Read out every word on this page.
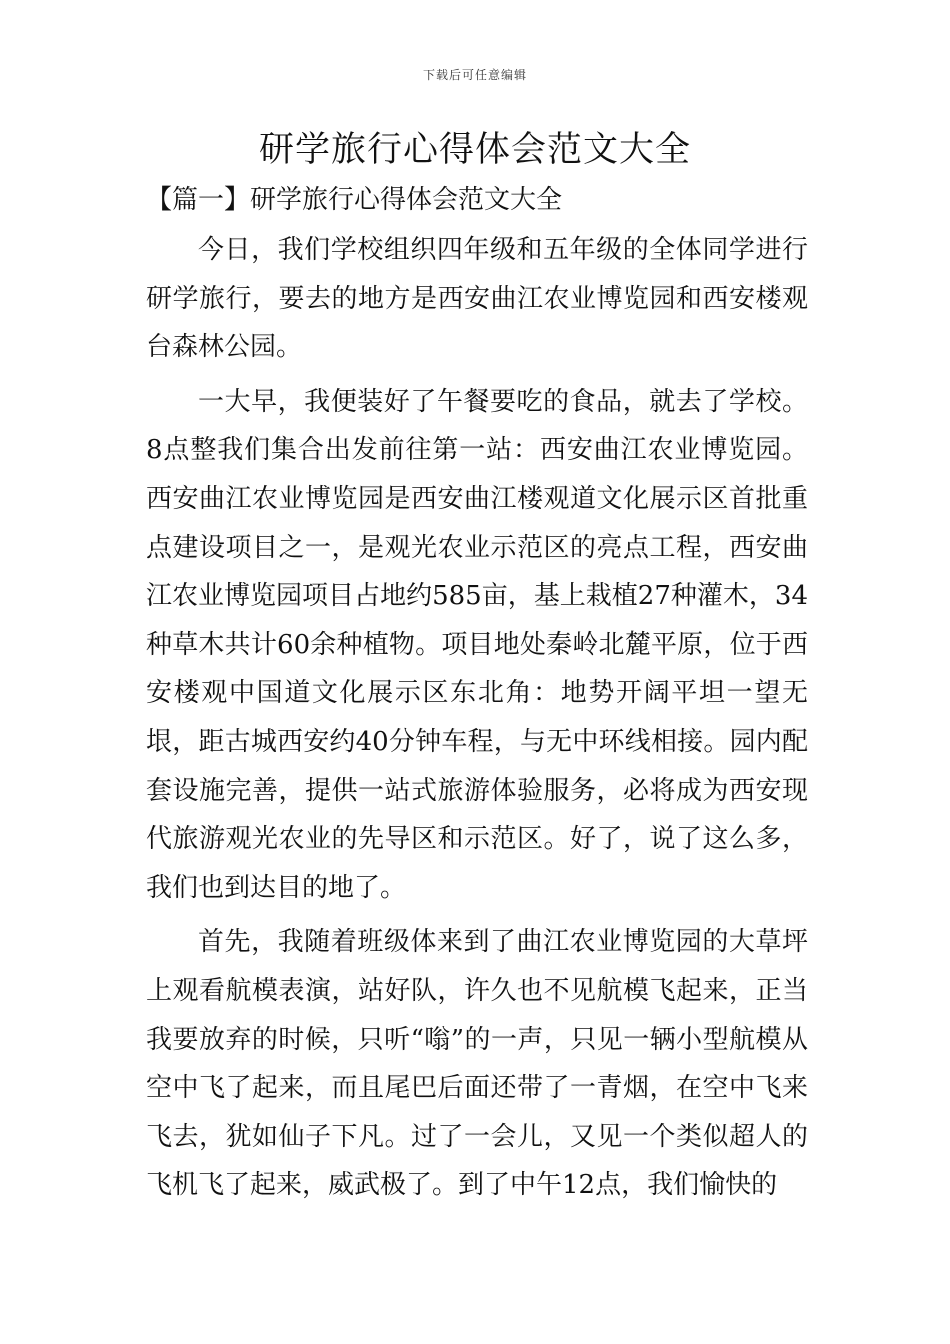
下载后可任意编辑
研学旅行心得体会范文大全
【篇一】研学旅行心得体会范文大全

今日，我们学校组织四年级和五年级的全体同学进行研学旅行，要去的地方是西安曲江农业博览园和西安楼观台森林公园。

一大早，我便装好了午餐要吃的食品，就去了学校。8点整我们集合出发前往第一站：西安曲江农业博览园。西安曲江农业博览园是西安曲江楼观道文化展示区首批重点建设项目之一，是观光农业示范区的亮点工程，西安曲江农业博览园项目占地约585亩，基上栽植27种灌木，34种草木共计60余种植物。项目地处秦岭北麓平原，位于西安楼观中国道文化展示区东北角：地势开阔平坦一望无垠，距古城西安约40分钟车程，与无中环线相接。园内配套设施完善，提供一站式旅游体验服务，必将成为西安现代旅游观光农业的先导区和示范区。好了，说了这么多，我们也到达目的地了。

首先，我随着班级体来到了曲江农业博览园的大草坪上观看航模表演，站好队，许久也不见航模飞起来，正当我要放弃的时候，只听“嗡”的一声，只见一辆小型航模从空中飞了起来，而且尾巴后面还带了一青烟，在空中飞来飞去，犹如仙子下凡。过了一会儿，又见一个类似超人的飞机飞了起来，威武极了。到了中午12点，我们愉快的
